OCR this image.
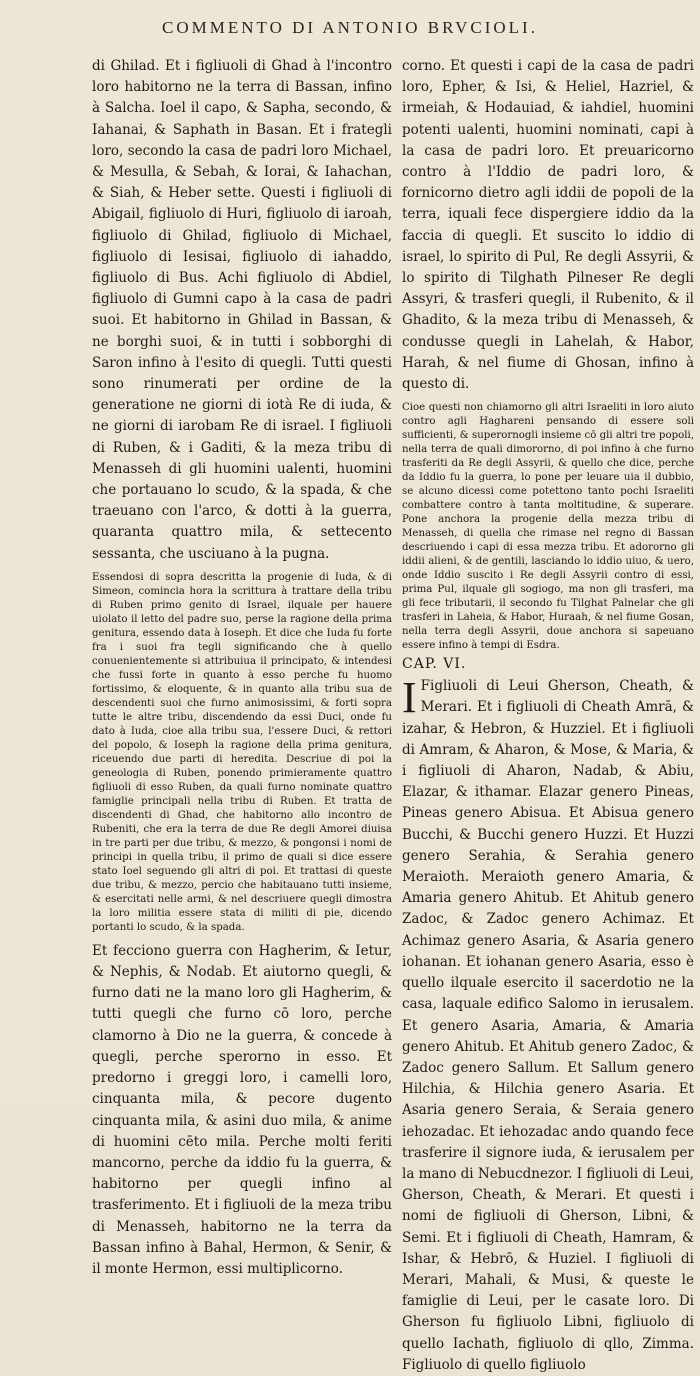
COMMENTO DI ANTONIO BRVCIOLI.

di Ghilad. Et i figliuoli di Ghad à l'incontro loro habitorno ne la terra di Bassan, infino à Salcha. Ioel il capo, & Sapha, secondo, & Iahanai, & Saphath in Basan. Et i frategli loro, secondo la casa de padri loro Michael, & Mesulla, & Sebah, & Iorai, & Iahachan, & Siah, & Heber sette. Questi i figliuoli di Abigail, figliuolo di Huri, figliuolo di iaroah, figliuolo di Ghilad, figliuolo di Michael, figliuolo di Iesisai, figliuolo di iahaddo, figliuolo di Bus. Achi figliuolo di Abdiel, figliuolo di Gumni capo à la casa de padri suoi. Et habitorno in Ghilad in Bassan, & ne borghi suoi, & in tutti i sobborghi di Saron infino à l'esito di quegli. Tutti questi sono rinumerati per ordine de la generatione ne giorni di iotà Re di iuda, & ne giorni di iarobam Re di israel. I figliuoli di Ruben, & i Gaditi, & la meza tribu di Menasseh di gli huomini ualenti, huomini che portauano lo scudo, & la spada, & che traeuano con l'arco, & dotti à la guerra, quaranta quattro mila, & settecento sessanta, che usciuano à la pugna.

Essendosi di sopra descritta la progenie di Iuda, & di Simeon, comincia hora la scrittura à trattare della tribu di Ruben primo genito di Israel, ilquale per hauere uiolato il letto del padre suo, perse la ragione della prima genitura, essendo data à Ioseph. Et dice che Iuda fu forte fra i suoi fra tegli significando che à quello conuenientemente si attribuiua il principato, & intendesi che fussi forte in quanto à esso perche fu huomo fortissimo, & eloquente, & in quanto alla tribu sua de descendenti suoi che furno animosissimi, & forti sopra tutte le altre tribu, discendendo da essi Duci, onde fu dato à Iuda, cioe alla tribu sua, l'essere Duci, & rettori del popolo, & Ioseph la ragione della prima genitura, riceuendo due parti di heredita. Descriue di poi la geneologia di Ruben, ponendo primieramente quattro figliuoli di esso Ruben, da quali furno nominate quattro famiglie principali nella tribu di Ruben. Et tratta de discendenti di Ghad, che habitorno allo incontro de Rubeniti, che era la terra de due Re degli Amorei diuisa in tre parti per due tribu, & mezzo, & pongonsi i nomi de principi in quella tribu, il primo de quali si dice essere stato Ioel seguendo gli altri di poi. Et trattasi di queste due tribu, & mezzo, percio che habitauano tutti insieme, & esercitati nelle armi, & nel descriuere quegli dimostra la loro militia essere stata di militi di pie, dicendo portanti lo scudo, & la spada.

Et fecciono guerra con Hagherim, & Ietur, & Nephis, & Nodab. Et aiutorno quegli, & furno dati ne la mano loro gli Hagherim, & tutti quegli che furno cō loro, perche clamorno à Dio ne la guerra, & concede à quegli, perche sperorno in esso. Et predorno i greggi loro, i camelli loro, cinquanta mila, & pecore dugento cinquanta mila, & asini duo mila, & anime di huomini cēto mila. Perche molti feriti mancorno, perche da iddio fu la guerra, & habitorno per quegli infino al trasferimento. Et i figliuoli de la meza tribu di Menasseh, habitorno ne la terra da Bassan infino à Bahal, Hermon, & Senir, & il monte Hermon, essi multiplicorno.

corno. Et questi i capi de la casa de padri loro, Epher, & Isi, & Heliel, Hazriel, & irmeiah, & Hodauiad, & iahdiel, huomini potenti ualenti, huomini nominati, capi à la casa de padri loro. Et preuaricorno contro à l'Iddio de padri loro, & fornicorno dietro agli iddii de popoli de la terra, iquali fece dispergiere iddio da la faccia di quegli. Et suscito lo iddio di israel, lo spirito di Pul, Re degli Assyrii, & lo spirito di Tilghath Pilneser Re degli Assyri, & trasferi quegli, il Rubenito, & il Ghadito, & la meza tribu di Menasseh, & condusse quegli in Lahelah, & Habor, Harah, & nel fiume di Ghosan, infino à questo di.

Cioe questi non chiamorno gli altri Israeliti in loro aiuto contro agli Haghareni pensando di essere soli sufficienti, & superornogli insieme cō gli altri tre popoli, nella terra de quali dimororno, di poi infino à che furno trasferiti da Re degli Assyrii, & quello che dice, perche da Iddio fu la guerra, lo pone per leuare uia il dubbio, se alcuno dicessi come potettono tanto pochi Israeliti combattere contro à tanta moltitudine, & superare. Pone anchora la progenie della mezza tribu di Menasseh, di quella che rimase nel regno di Bassan descriuendo i capi di essa mezza tribu. Et adororno gli iddii alieni, & de gentili, lasciando lo iddio uiuo, & uero, onde Iddio suscito i Re degli Assyrii contro di essi, prima Pul, ilquale gli sogiogo, ma non gli trasferi, ma gli fece tributarii, il secondo fu Tilghat Palnelar che gli trasferi in Laheia, & Habor, Huraah, & nel fiume Gosan, nella terra degli Assyrii, doue anchora si sapeuano essere infino à tempi di Esdra.

CAP. VI.

I Figliuoli di Leui Gherson, Cheath, & Merari. Et i figliuoli di Cheath Amrā, & izahar, & Hebron, & Huzziel. Et i figliuoli di Amram, & Aharon, & Mose, & Maria, & i figliuoli di Aharon, Nadab, & Abiu, Elazar, & ithamar. Elazar genero Pineas, Pineas genero Abisua. Et Abisua genero Bucchi, & Bucchi genero Huzzi. Et Huzzi genero Serahia, & Serahia genero Meraioth. Meraioth genero Amaria, & Amaria genero Ahitub. Et Ahitub genero Zadoc, & Zadoc genero Achimaz. Et Achimaz genero Asaria, & Asaria genero iohanan. Et iohanan genero Asaria, esso è quello ilquale esercito il sacerdotio ne la casa, laquale edifico Salomo in ierusalem. Et genero Asaria, Amaria, & Amaria genero Ahitub. Et Ahitub genero Zadoc, & Zadoc genero Sallum. Et Sallum genero Hilchia, & Hilchia genero Asaria. Et Asaria genero Seraia, & Seraia genero iehozadac. Et iehozadac ando quando fece trasferire il signore iuda, & ierusalem per la mano di Nebucdnezor. I figliuoli di Leui, Gherson, Cheath, & Merari. Et questi i nomi de figliuoli di Gherson, Libni, & Semi. Et i figliuoli di Cheath, Hamram, & Ishar, & Hebrō, & Huziel. I figliuoli di Merari, Mahali, & Musi, & queste le famiglie di Leui, per le casate loro. Di Gherson fu figliuolo Libni, figliuolo di quello Iachath, figliuolo di qllo, Zimma. Figliuolo di quello figliuolo
